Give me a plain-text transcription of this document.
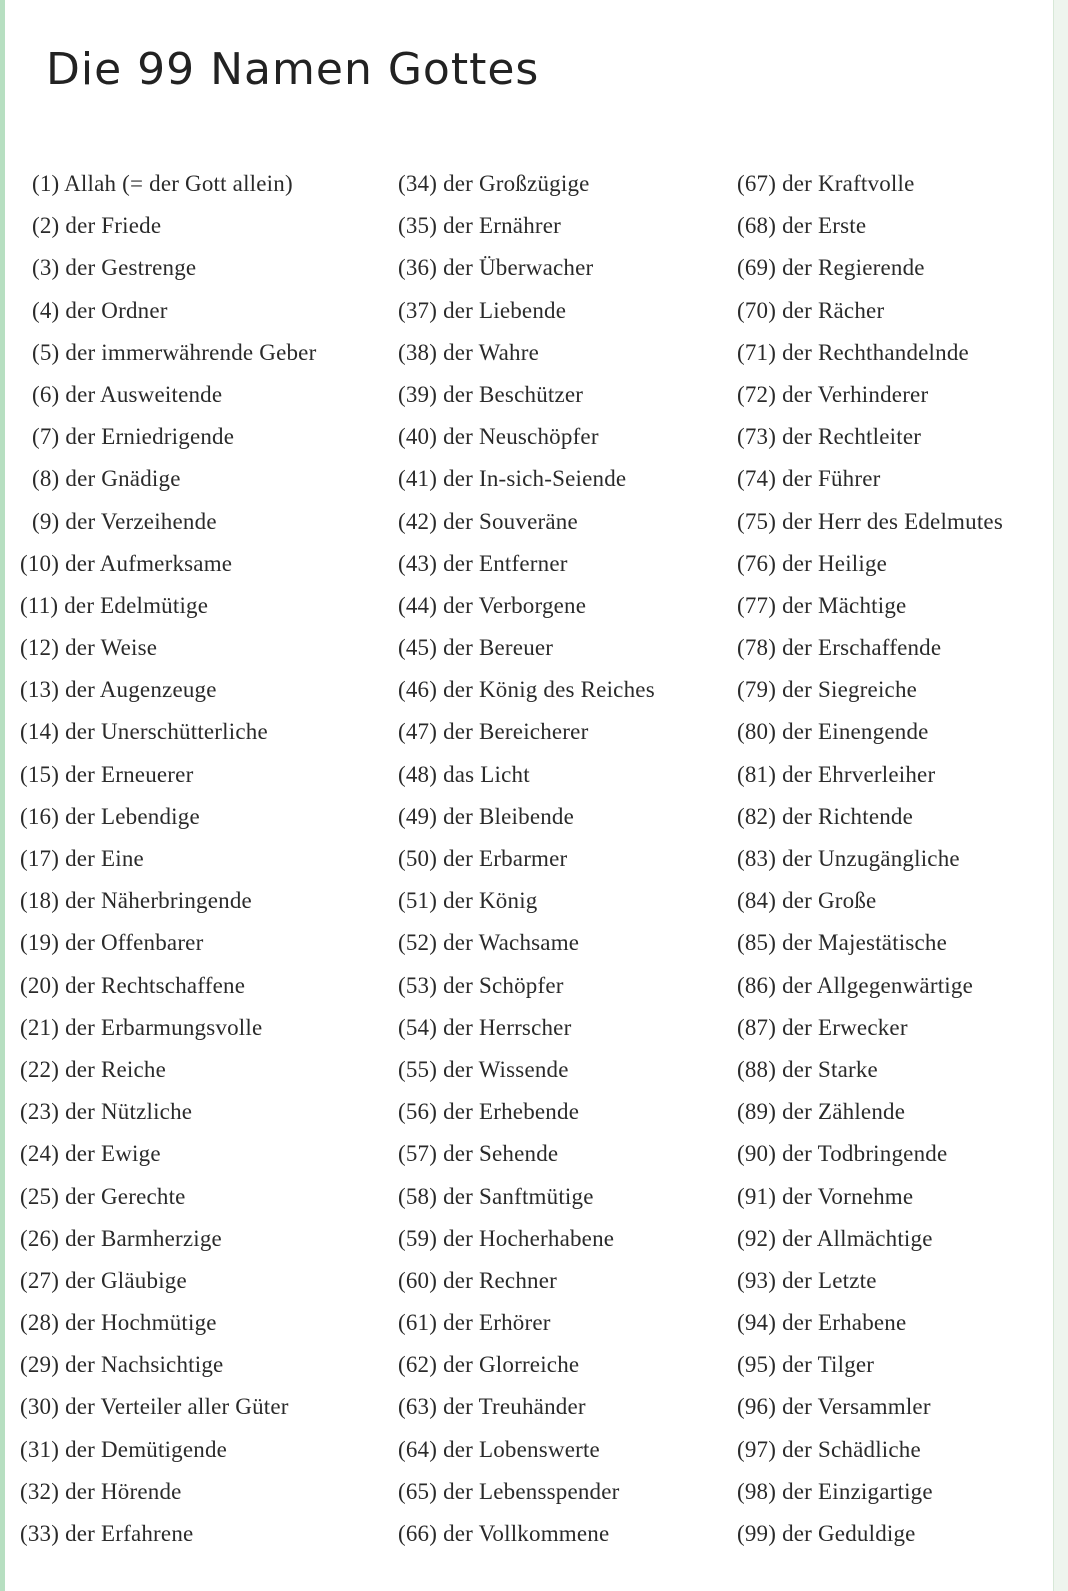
Die 99 Namen Gottes
(1) Allah (= der Gott allein)
(2) der Friede
(3) der Gestrenge
(4) der Ordner
(5) der immerwährende Geber
(6) der Ausweitende
(7) der Erniedrigende
(8) der Gnädige
(9) der Verzeihende
(10) der Aufmerksame
(11) der Edelmütige
(12) der Weise
(13) der Augenzeuge
(14) der Unerschütterliche
(15) der Erneuerer
(16) der Lebendige
(17) der Eine
(18) der Näherbringende
(19) der Offenbarer
(20) der Rechtschaffene
(21) der Erbarmungsvolle
(22) der Reiche
(23) der Nützliche
(24) der Ewige
(25) der Gerechte
(26) der Barmherzige
(27) der Gläubige
(28) der Hochmütige
(29) der Nachsichtige
(30) der Verteiler aller Güter
(31) der Demütigende
(32) der Hörende
(33) der Erfahrene
(34) der Großzügige
(35) der Ernährer
(36) der Überwacher
(37) der Liebende
(38) der Wahre
(39) der Beschützer
(40) der Neuschöpfer
(41) der In-sich-Seiende
(42) der Souveräne
(43) der Entferner
(44) der Verborgene
(45) der Bereuer
(46) der König des Reiches
(47) der Bereicherer
(48) das Licht
(49) der Bleibende
(50) der Erbarmer
(51) der König
(52) der Wachsame
(53) der Schöpfer
(54) der Herrscher
(55) der Wissende
(56) der Erhebende
(57) der Sehende
(58) der Sanftmütige
(59) der Hocherhabene
(60) der Rechner
(61) der Erhörer
(62) der Glorreiche
(63) der Treuhänder
(64) der Lobenswerte
(65) der Lebensspender
(66) der Vollkommene
(67) der Kraftvolle
(68) der Erste
(69) der Regierende
(70) der Rächer
(71) der Rechthandelnde
(72) der Verhinderer
(73) der Rechtleiter
(74) der Führer
(75) der Herr des Edelmutes
(76) der Heilige
(77) der Mächtige
(78) der Erschaffende
(79) der Siegreiche
(80) der Einengende
(81) der Ehrverleiher
(82) der Richtende
(83) der Unzugängliche
(84) der Große
(85) der Majestätische
(86) der Allgegenwärtige
(87) der Erwecker
(88) der Starke
(89) der Zählende
(90) der Todbringende
(91) der Vornehme
(92) der Allmächtige
(93) der Letzte
(94) der Erhabene
(95) der Tilger
(96) der Versammler
(97) der Schädliche
(98) der Einzigartige
(99) der Geduldige
